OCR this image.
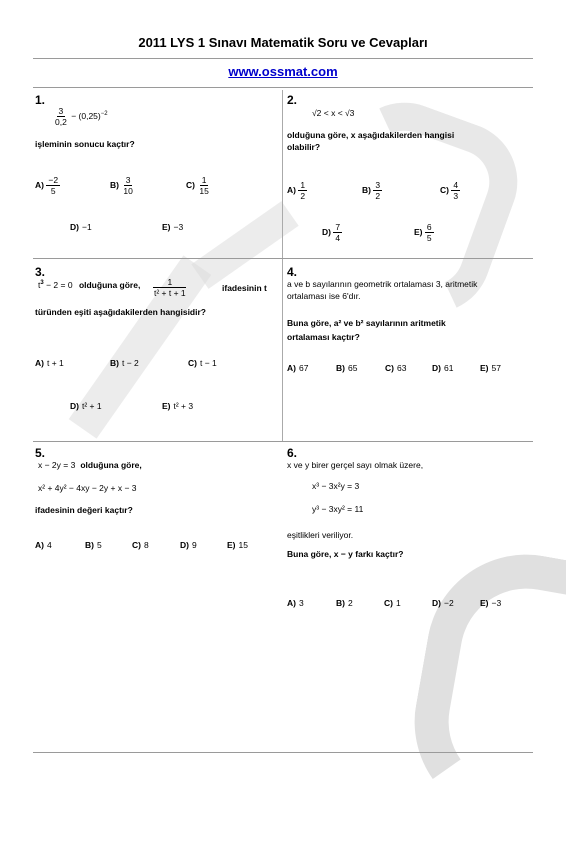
2011 LYS 1 Sınavı Matematik Soru ve Cevapları
www.ossmat.com
1.
$\frac{3}{0,2} - (0,25)^{-2}$
işleminin sonucu kaçtır?
$A) \frac{-2}{5}$	$B) \frac{3}{10}$	$C) \frac{1}{15}$
D) −1	E) −3
2.
√2 < x < √3
olduğuna göre, x aşağıdakilerden hangisi
olabilir?
$A) \frac{1}{2}$	$B) \frac{3}{2}$	$C) \frac{4}{3}$
$D) \frac{7}{4}$	$E) \frac{6}{5}$
3.
$t^3 - 2 = 0$ olduğuna göre, $\frac{1}{\text{t² + t + 1}}$	ifadesinin t
türünden eşiti aşağıdakilerden hangisidir?
A) t + 1	B) t − 2	C) t − 1
D) t² + 1	E) t² + 3
4.
a ve b sayılarının geometrik ortalaması 3, aritmetik
ortalaması ise 6'dır.
Buna göre, a² ve b² sayılarının aritmetik
ortalaması kaçtır?
A) 67	B) 65	C) 63	D) 61	E) 57
5.
x − 2y = 3 olduğuna göre,
x² + 4y² − 4xy − 2y + x − 3
ifadesinin değeri kaçtır?
A) 4	B) 5	C) 8	D) 9	E) 15
6.
x ve y birer gerçel sayı olmak üzere,
x³ − 3x²y = 3
y³ − 3xy² = 11
eşitlikleri veriliyor.
Buna göre, x − y farkı kaçtır?
A) 3	B) 2	C) 1	D) −2	E) −3
